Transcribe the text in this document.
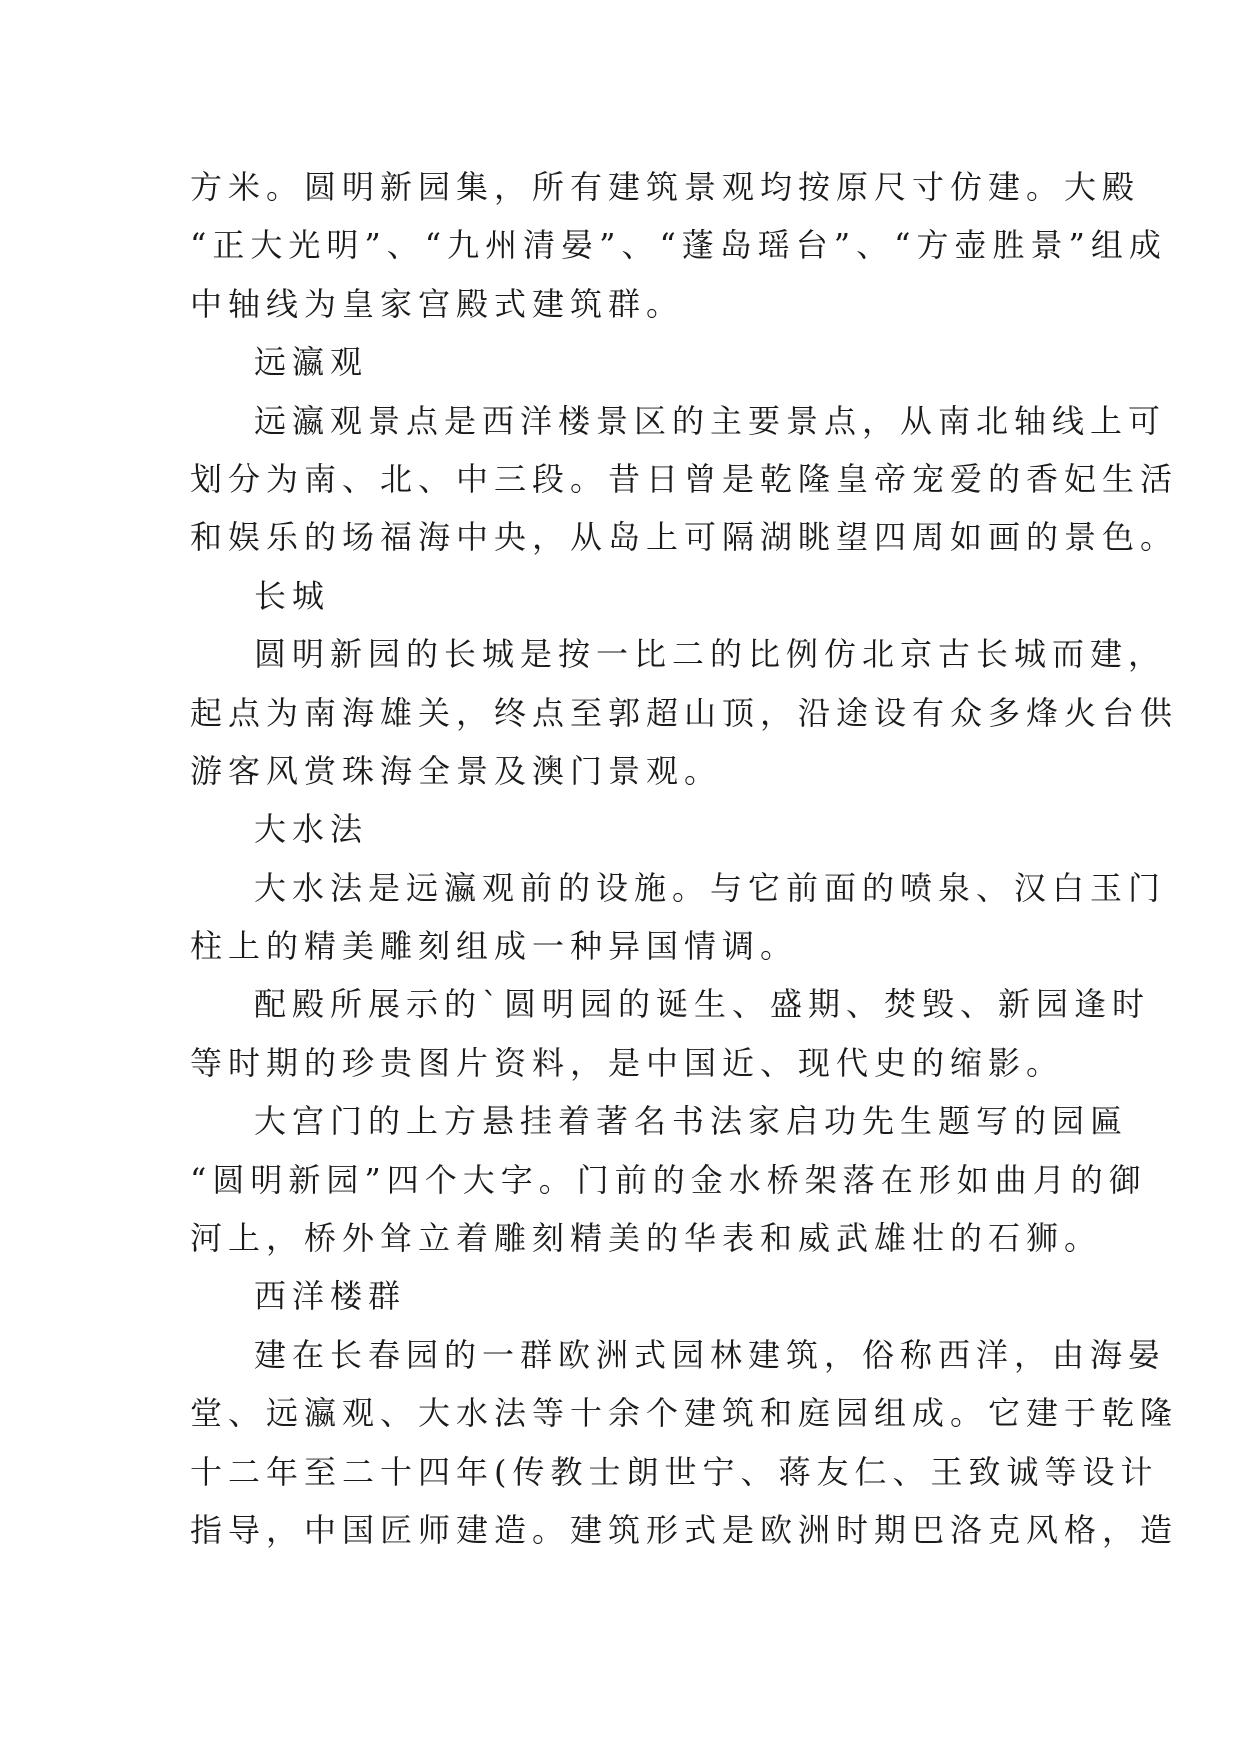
方米。圆明新园集，所有建筑景观均按原尺寸仿建。大殿
“正大光明”、“九州清晏”、“蓬岛瑶台”、“方壶胜景”组成
中轴线为皇家宫殿式建筑群。
远瀛观
远瀛观景点是西洋楼景区的主要景点，从南北轴线上可
划分为南、北、中三段。昔日曾是乾隆皇帝宠爱的香妃生活
和娱乐的场福海中央，从岛上可隔湖眺望四周如画的景色。
长城
圆明新园的长城是按一比二的比例仿北京古长城而建，
起点为南海雄关，终点至郭超山顶，沿途设有众多烽火台供
游客风赏珠海全景及澳门景观。
大水法
大水法是远瀛观前的设施。与它前面的喷泉、汉白玉门
柱上的精美雕刻组成一种异国情调。
配殿所展示的`圆明园的诞生、盛期、焚毁、新园逢时
等时期的珍贵图片资料，是中国近、现代史的缩影。
大宫门的上方悬挂着著名书法家启功先生题写的园匾
“圆明新园”四个大字。门前的金水桥架落在形如曲月的御
河上，桥外耸立着雕刻精美的华表和威武雄壮的石狮。
西洋楼群
建在长春园的一群欧洲式园林建筑，俗称西洋，由海晏
堂、远瀛观、大水法等十余个建筑和庭园组成。它建于乾隆
十二年至二十四年(传教士朗世宁、蒋友仁、王致诚等设计
指导，中国匠师建造。建筑形式是欧洲时期巴洛克风格，造
